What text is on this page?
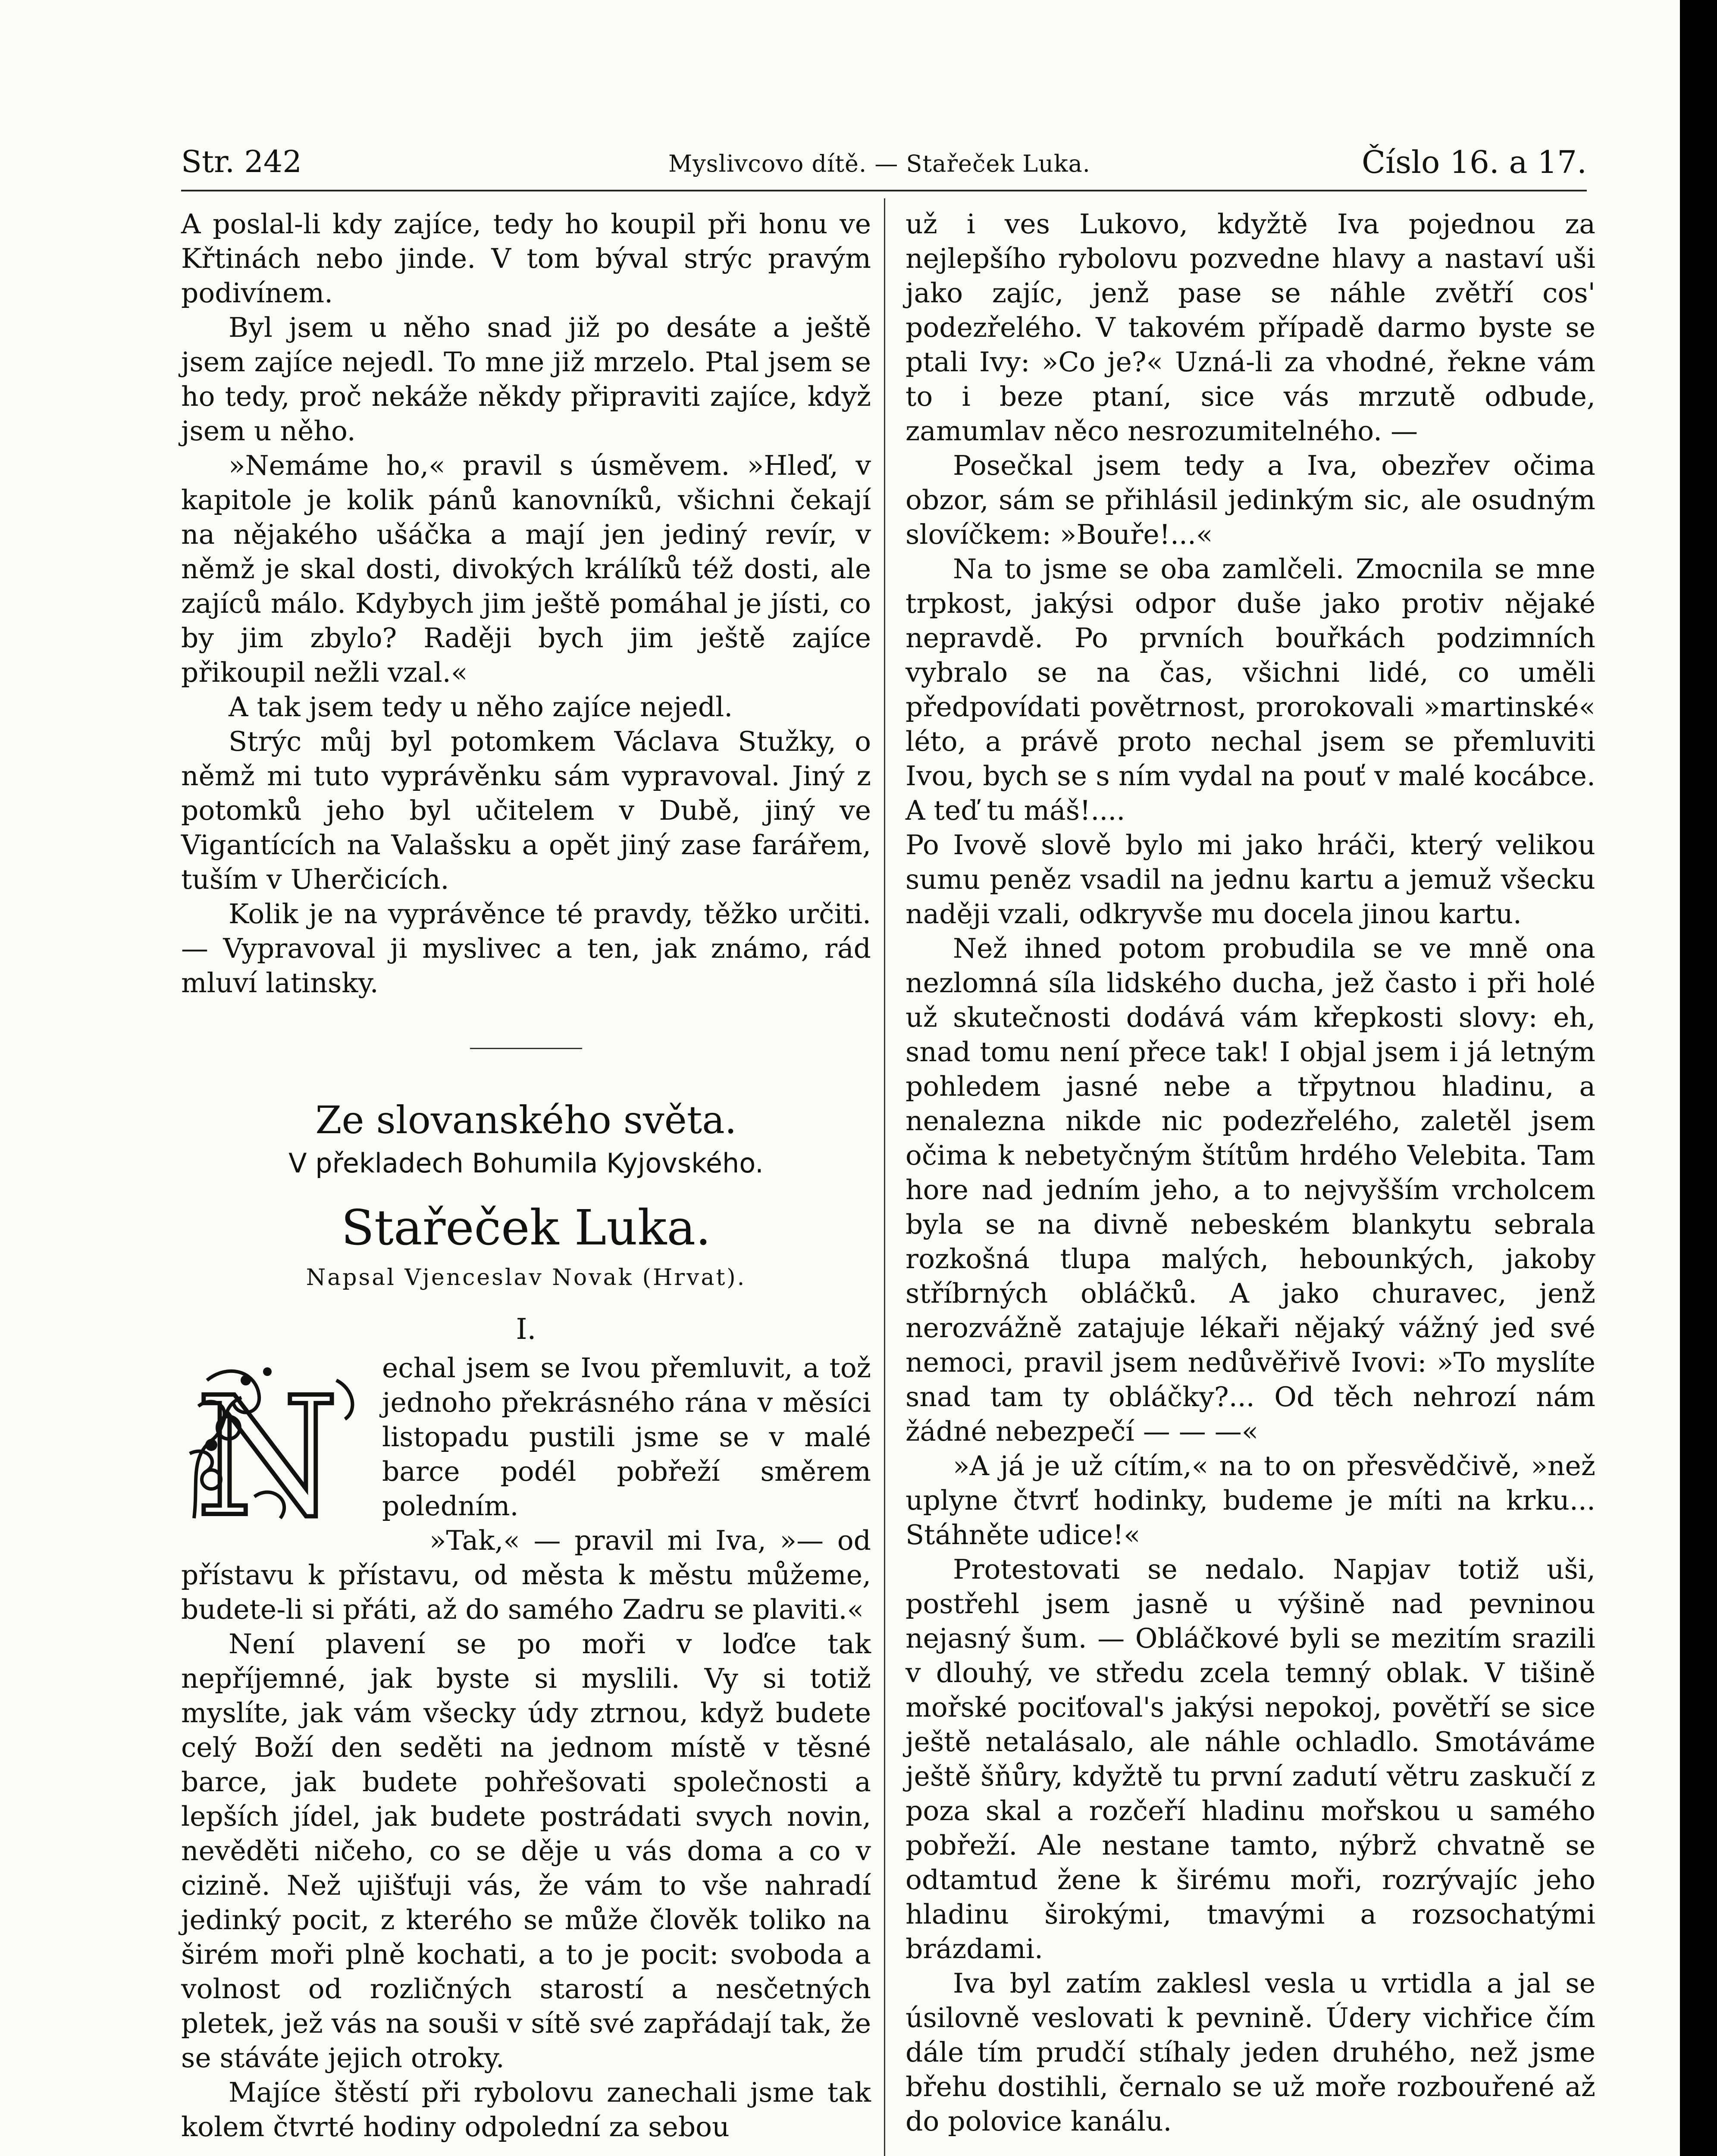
Str. 242	Myslivcovo dítě. — Stařeček Luka.	Číslo 16. a 17.

A poslal-li kdy zajíce, tedy ho koupil při honu ve Křtinách nebo jinde. V tom býval strýc pravým podivínem.

Byl jsem u něho snad již po desáte a ještě jsem zajíce nejedl. To mne již mrzelo. Ptal jsem se ho tedy, proč nekáže někdy připraviti zajíce, když jsem u něho.

»Nemáme ho,« pravil s úsměvem. »Hleď, v kapitole je kolik pánů kanovníků, všichni čekají na nějakého ušáčka a mají jen jediný revír, v němž je skal dosti, divokých králíků též dosti, ale zajíců málo. Kdybych jim ještě pomáhal je jísti, co by jim zbylo? Raději bych jim ještě zajíce přikoupil nežli vzal.«

A tak jsem tedy u něho zajíce nejedl.

Strýc můj byl potomkem Václava Stužky, o němž mi tuto vyprávěnku sám vypravoval. Jiný z potomků jeho byl učitelem v Dubě, jiný ve Vigantících na Valašsku a opět jiný zase farářem, tuším v Uherčicích.

Kolik je na vyprávěnce té pravdy, těžko určiti. — Vypravoval ji myslivec a ten, jak známo, rád mluví latinsky.

Ze slovanského světa.
V překladech Bohumila Kyjovského.
Stařeček Luka.
Napsal Vjenceslav Novak (Hrvat).
I.
N	echal jsem se Ivou přemluvit, a tož jednoho překrásného rána v měsíci listopadu pustili jsme se v malé barce podél pobřeží směrem poledním.

»Tak,« — pravil mi Iva, »— od přístavu k přístavu, od města k městu můžeme, budete-li si přáti, až do samého Zadru se plaviti.«

Není plavení se po moři v loďce tak nepříjemné, jak byste si myslili. Vy si totiž myslíte, jak vám všecky údy ztrnou, když budete celý Boží den seděti na jednom místě v těsné barce, jak budete pohřešovati společnosti a lepších jídel, jak budete postrádati svych novin, nevěděti ničeho, co se děje u vás doma a co v cizině. Než ujišťuji vás, že vám to vše nahradí jedinký pocit, z kterého se může člověk toliko na širém moři plně kochati, a to je pocit: svoboda a volnost od rozličných starostí a nesčetných pletek, jež vás na souši v sítě své zapřádají tak, že se stáváte jejich otroky.

Majíce štěstí při rybolovu zanechali jsme tak kolem čtvrté hodiny odpolední za sebou

už i ves Lukovo, kdyžtě Iva pojednou za nejlepšího rybolovu pozvedne hlavy a nastaví uši jako zajíc, jenž pase se náhle zvětří cos' podezřelého. V takovém případě darmo byste se ptali Ivy: »Co je?« Uzná-li za vhodné, řekne vám to i beze ptaní, sice vás mrzutě odbude, zamumlav něco nesrozumitelného. —

Posečkal jsem tedy a Iva, obezřev očima obzor, sám se přihlásil jedinkým sic, ale osudným slovíčkem: »Bouře!...«

Na to jsme se oba zamlčeli. Zmocnila se mne trpkost, jakýsi odpor duše jako protiv nějaké nepravdě. Po prvních bouřkách podzimních vybralo se na čas, všichni lidé, co uměli předpovídati povětrnost, prorokovali »martinské« léto, a právě proto nechal jsem se přemluviti Ivou, bych se s ním vydal na pouť v malé kocábce. A teď tu máš!....

Po Ivově slově bylo mi jako hráči, který velikou sumu peněz vsadil na jednu kartu a jemuž všecku naději vzali, odkryvše mu docela jinou kartu.

Než ihned potom probudila se ve mně ona nezlomná síla lidského ducha, jež často i při holé už skutečnosti dodává vám křepkosti slovy: eh, snad tomu není přece tak! I objal jsem i já letným pohledem jasné nebe a třpytnou hladinu, a nenalezna nikde nic podezřelého, zaletěl jsem očima k nebetyčným štítům hrdého Velebita. Tam hore nad jedním jeho, a to nejvyšším vrcholcem byla se na divně nebeském blankytu sebrala rozkošná tlupa malých, hebounkých, jakoby stříbrných obláčků. A jako churavec, jenž nerozvážně zatajuje lékaři nějaký vážný jed své nemoci, pravil jsem nedůvěřivě Ivovi: »To myslíte snad tam ty obláčky?... Od těch nehrozí nám žádné nebezpečí — — —«

»A já je už cítím,« na to on přesvědčivě, »než uplyne čtvrť hodinky, budeme je míti na krku... Stáhněte udice!«

Protestovati se nedalo. Napjav totiž uši, postřehl jsem jasně u výšině nad pevninou nejasný šum. — Obláčkové byli se mezitím srazili v dlouhý, ve středu zcela temný oblak. V tišině mořské pociťoval's jakýsi nepokoj, povětří se sice ještě netalásalo, ale náhle ochladlo. Smotáváme ještě šňůry, kdyžtě tu první zadutí větru zaskučí z poza skal a rozčeří hladinu mořskou u samého pobřeží. Ale nestane tamto, nýbrž chvatně se odtamtud žene k širému moři, rozrývajíc jeho hladinu širokými, tmavými a rozsochatými brázdami.

Iva byl zatím zaklesl vesla u vrtidla a jal se úsilovně veslovati k pevnině. Údery vichřice čím dále tím prudčí stíhaly jeden druhého, než jsme břehu dostihli, černalo se už moře rozbouřené až do polovice kanálu.
